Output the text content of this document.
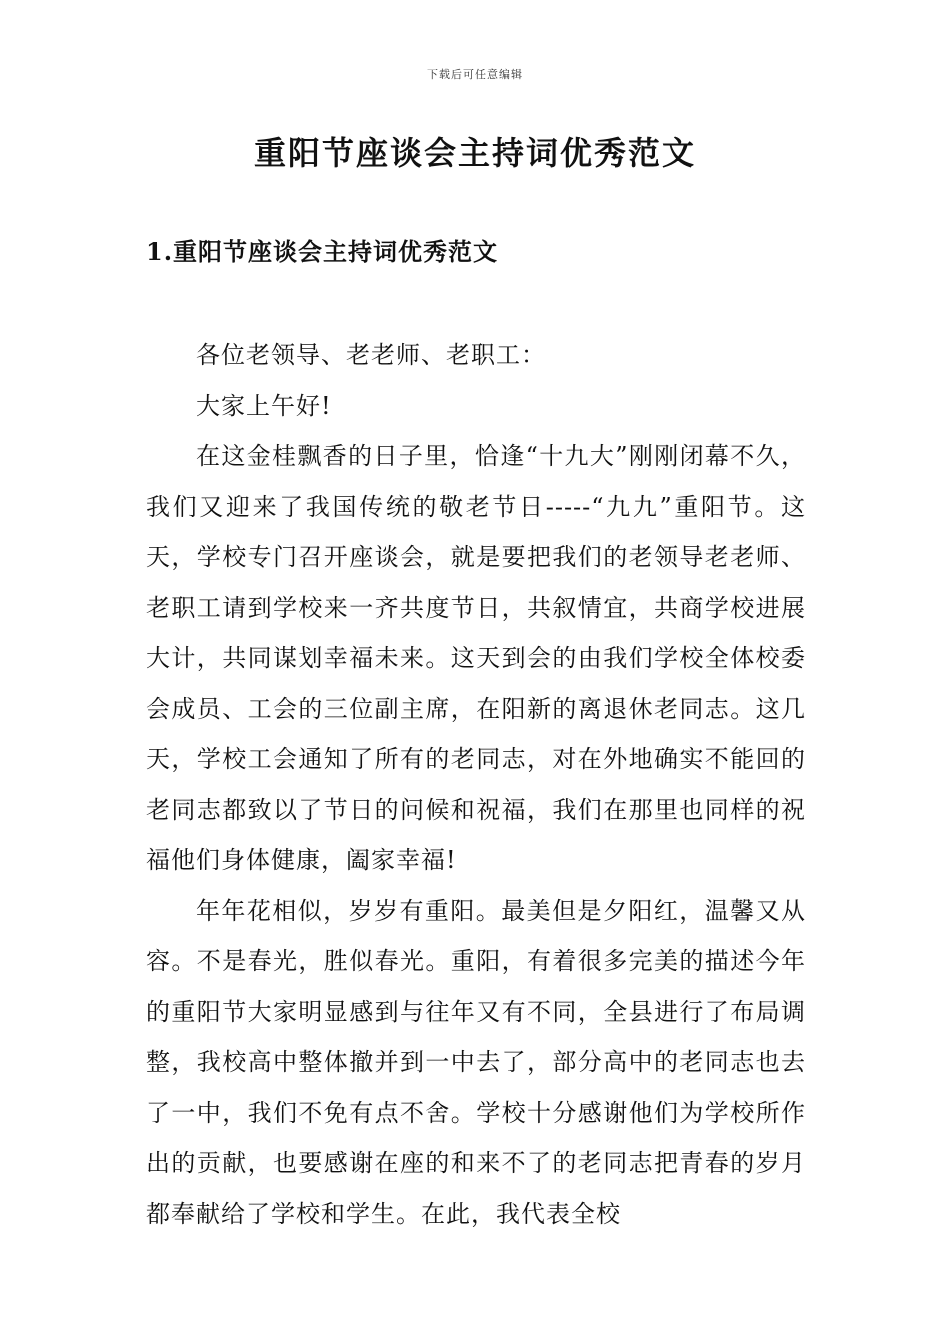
下载后可任意编辑
重阳节座谈会主持词优秀范文
1.重阳节座谈会主持词优秀范文

各位老领导、老老师、老职工：

大家上午好!

在这金桂飘香的日子里，恰逢“十九大”刚刚闭幕不久，我们又迎来了我国传统的敬老节日-----“九九”重阳节。这天，学校专门召开座谈会，就是要把我们的老领导老老师、老职工请到学校来一齐共度节日，共叙情宜，共商学校进展大计，共同谋划幸福未来。这天到会的由我们学校全体校委会成员、工会的三位副主席，在阳新的离退休老同志。这几天，学校工会通知了所有的老同志，对在外地确实不能回的老同志都致以了节日的问候和祝福，我们在那里也同样的祝福他们身体健康，阖家幸福!

年年花相似，岁岁有重阳。最美但是夕阳红，温馨又从容。不是春光，胜似春光。重阳，有着很多完美的描述今年的重阳节大家明显感到与往年又有不同，全县进行了布局调整，我校高中整体撤并到一中去了，部分高中的老同志也去了一中，我们不免有点不舍。学校十分感谢他们为学校所作出的贡献，也要感谢在座的和来不了的老同志把青春的岁月都奉献给了学校和学生。在此，我代表全校
